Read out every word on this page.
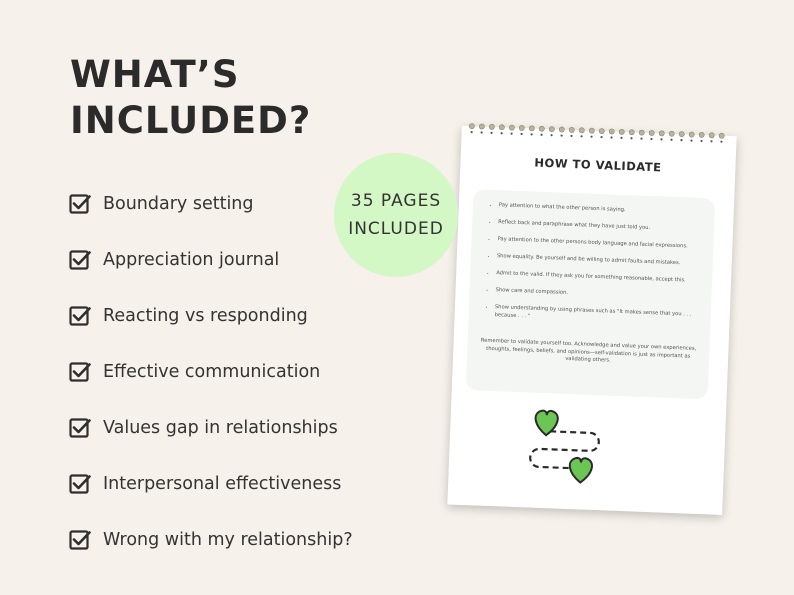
WHAT’S
INCLUDED?
Boundary setting
Appreciation journal
Reacting vs responding
Effective communication
Values gap in relationships
Interpersonal effectiveness
Wrong with my relationship?
35 PAGES
INCLUDED
HOW TO VALIDATE
• Pay attention to what the other person is saying.
• Reflect back and paraphrase what they have just told you.
• Pay attention to the other persons body language and facial expressions.
• Show equality. Be yourself and be willing to admit faults and mistakes.
• Admit to the valid. If they ask you for something reasonable, accept this.
• Show care and compassion.
• Show understanding by using phrases such as "It makes sense that you . . . because . . . "
Remember to validate yourself too. Acknowledge and value your own experiences, thoughts, feelings, beliefs, and opinions—self-validation is just as important as validating others.
